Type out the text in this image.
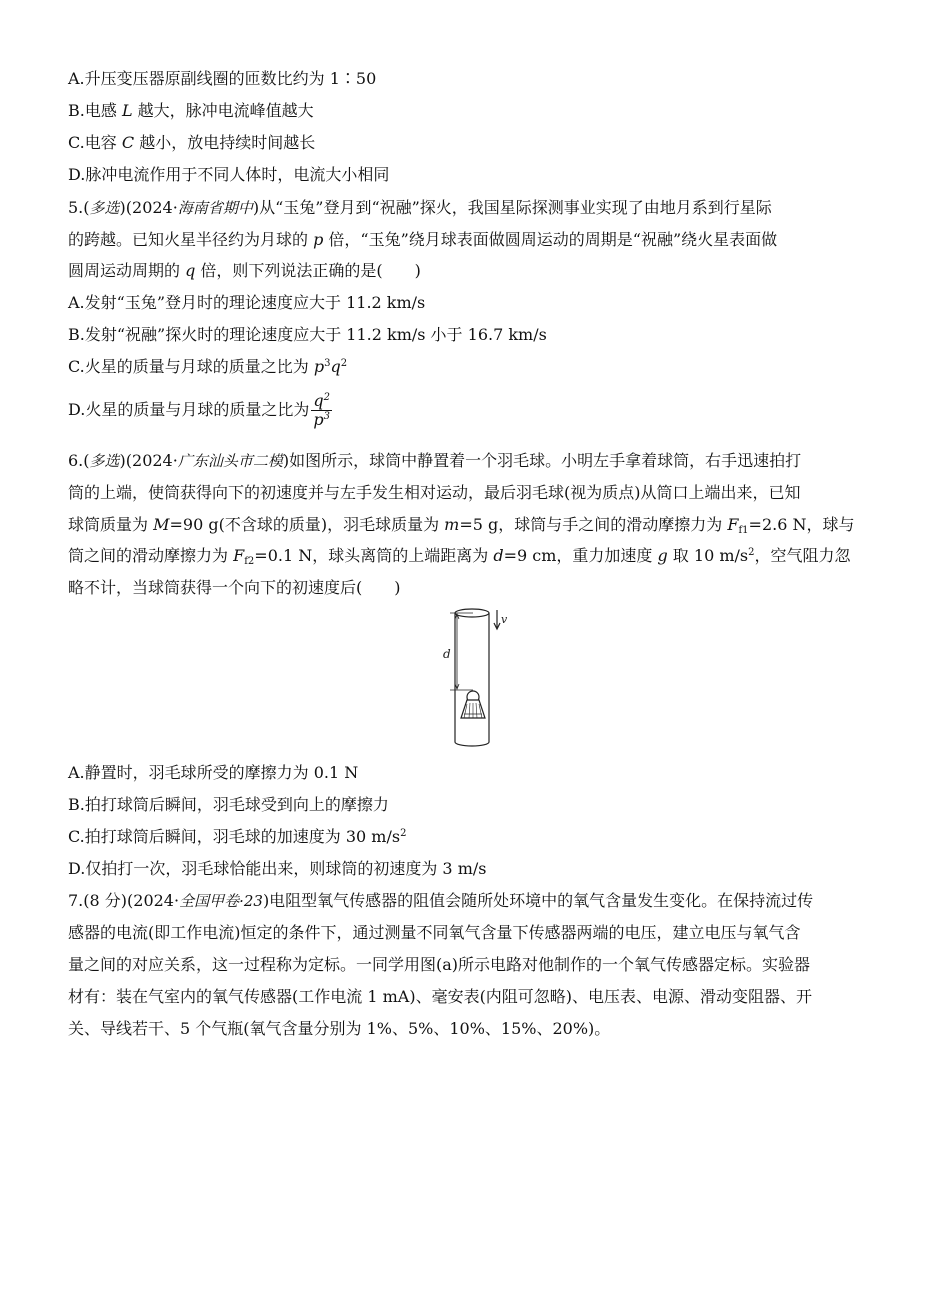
A.升压变压器原副线圈的匝数比约为 1∶50
B.电感 L 越大，脉冲电流峰值越大
C.电容 C 越小，放电持续时间越长
D.脉冲电流作用于不同人体时，电流大小相同
5.(多选)(2024·海南省期中)从“玉兔”登月到“祝融”探火，我国星际探测事业实现了由地月系到行星际
的跨越。已知火星半径约为月球的 p 倍，“玉兔”绕月球表面做圆周运动的周期是“祝融”绕火星表面做
圆周运动周期的 q 倍，则下列说法正确的是(　　)
A.发射“玉兔”登月时的理论速度应大于 11.2 km/s
B.发射“祝融”探火时的理论速度应大于 11.2 km/s 小于 16.7 km/s
C.火星的质量与月球的质量之比为 $p^3q^2$
D.火星的质量与月球的质量之比为 $\frac{q^2}{p^3}$
6.(多选)(2024·广东汕头市二模)如图所示，球筒中静置着一个羽毛球。小明左手拿着球筒，右手迅速拍打
筒的上端，使筒获得向下的初速度并与左手发生相对运动，最后羽毛球(视为质点)从筒口上端出来，已知
球筒质量为 M=90 g(不含球的质量)，羽毛球质量为 m=5 g，球筒与手之间的滑动摩擦力为 $F_{f1}=2.6$ N，球与
筒之间的滑动摩擦力为 $F_{f2}=0.1$ N，球头离筒的上端距离为 d=9 cm，重力加速度 g 取 10 $m/s^2$，空气阻力忽
略不计，当球筒获得一个向下的初速度后(　　)
d
v
A.静置时，羽毛球所受的摩擦力为 0.1 N
B.拍打球筒后瞬间，羽毛球受到向上的摩擦力
C.拍打球筒后瞬间，羽毛球的加速度为 30 $m/s^2$
D.仅拍打一次，羽毛球恰能出来，则球筒的初速度为 3 m/s
7.(8 分)(2024·全国甲卷·23)电阻型氧气传感器的阻值会随所处环境中的氧气含量发生变化。在保持流过传
感器的电流(即工作电流)恒定的条件下，通过测量不同氧气含量下传感器两端的电压，建立电压与氧气含
量之间的对应关系，这一过程称为定标。一同学用图(a)所示电路对他制作的一个氧气传感器定标。实验器
材有：装在气室内的氧气传感器(工作电流 1 mA)、毫安表(内阻可忽略)、电压表、电源、滑动变阻器、开
关、导线若干、5 个气瓶(氧气含量分别为 1%、5%、10%、15%、20%)。
